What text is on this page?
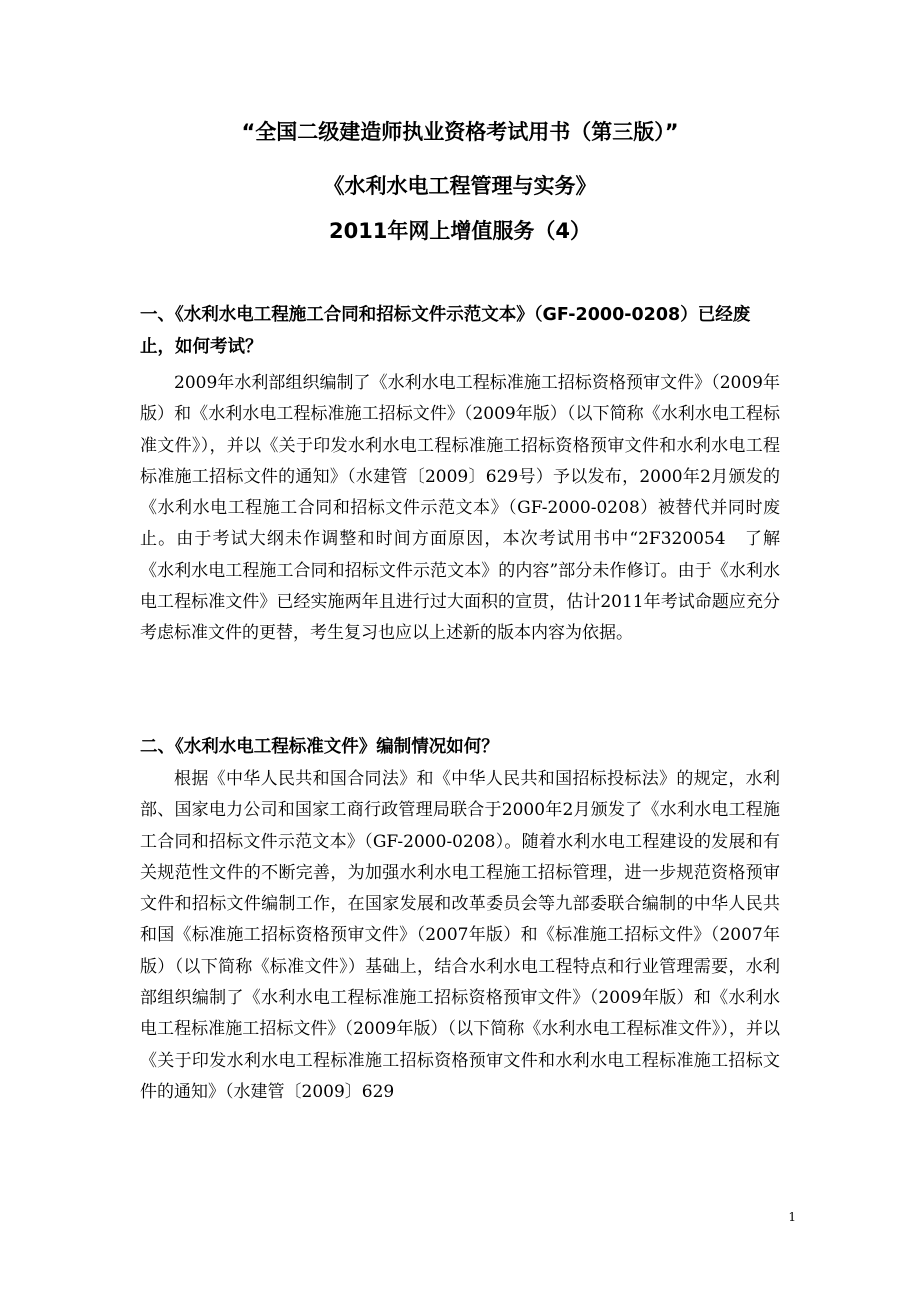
“全国二级建造师执业资格考试用书（第三版）”
《水利水电工程管理与实务》
2011年网上增值服务（4）

一、《水利水电工程施工合同和招标文件示范文本》（GF-2000-0208）已经废止，如何考试？

2009年水利部组织编制了《水利水电工程标准施工招标资格预审文件》（2009年版）和《水利水电工程标准施工招标文件》（2009年版）（以下简称《水利水电工程标准文件》），并以《关于印发水利水电工程标准施工招标资格预审文件和水利水电工程标准施工招标文件的通知》（水建管〔2009〕629号）予以发布，2000年2月颁发的《水利水电工程施工合同和招标文件示范文本》（GF-2000-0208）被替代并同时废止。由于考试大纲未作调整和时间方面原因，本次考试用书中“2F320054　了解《水利水电工程施工合同和招标文件示范文本》的内容”部分未作修订。由于《水利水电工程标准文件》已经实施两年且进行过大面积的宣贯，估计2011年考试命题应充分考虑标准文件的更替，考生复习也应以上述新的版本内容为依据。

二、《水利水电工程标准文件》编制情况如何？

根据《中华人民共和国合同法》和《中华人民共和国招标投标法》的规定，水利部、国家电力公司和国家工商行政管理局联合于2000年2月颁发了《水利水电工程施工合同和招标文件示范文本》（GF-2000-0208）。随着水利水电工程建设的发展和有关规范性文件的不断完善，为加强水利水电工程施工招标管理，进一步规范资格预审文件和招标文件编制工作，在国家发展和改革委员会等九部委联合编制的中华人民共和国《标准施工招标资格预审文件》（2007年版）和《标准施工招标文件》（2007年版）（以下简称《标准文件》）基础上，结合水利水电工程特点和行业管理需要，水利部组织编制了《水利水电工程标准施工招标资格预审文件》（2009年版）和《水利水电工程标准施工招标文件》（2009年版）（以下简称《水利水电工程标准文件》），并以《关于印发水利水电工程标准施工招标资格预审文件和水利水电工程标准施工招标文件的通知》（水建管〔2009〕629

1
